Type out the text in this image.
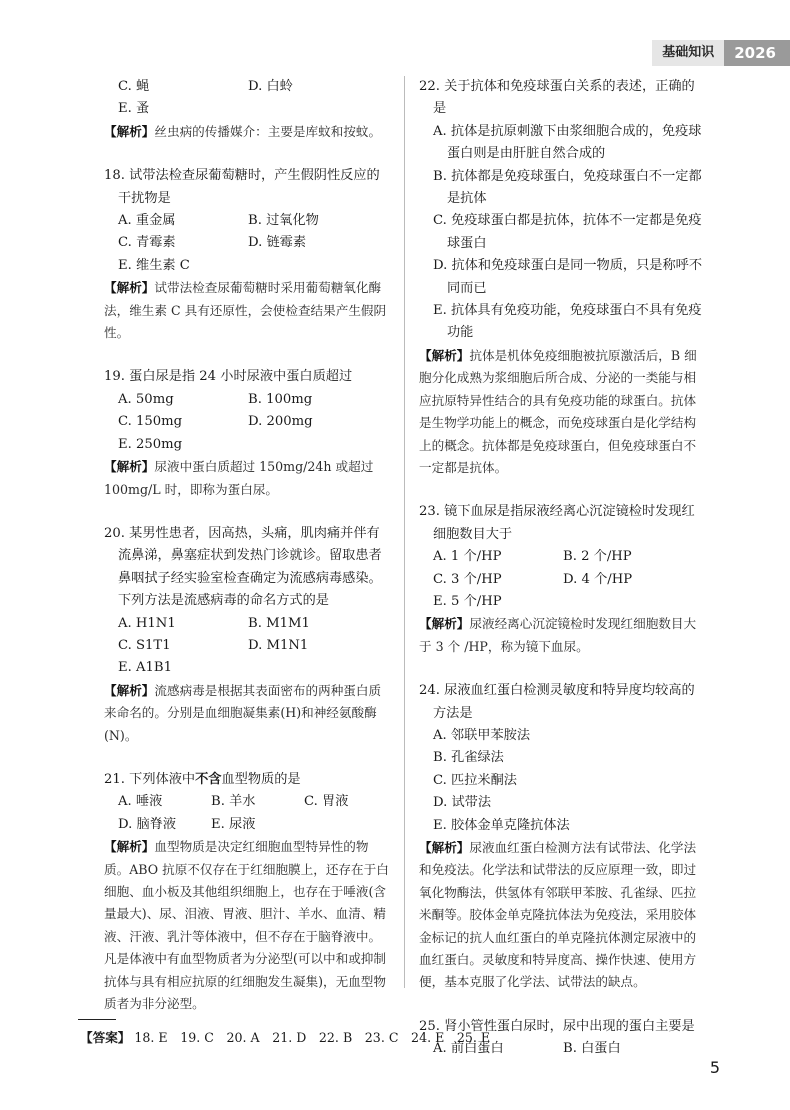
基础知识	2026
C. 蝇	D. 白蛉
E. 蚤
【解析】丝虫病的传播媒介：主要是库蚊和按蚊。
18. 试带法检查尿葡萄糖时，产生假阴性反应的干扰物是
A. 重金属	B. 过氧化物
C. 青霉素	D. 链霉素
E. 维生素 C
【解析】试带法检查尿葡萄糖时采用葡萄糖氧化酶法，维生素 C 具有还原性，会使检查结果产生假阴性。
19. 蛋白尿是指 24 小时尿液中蛋白质超过
A. 50mg	B. 100mg
C. 150mg	D. 200mg
E. 250mg
【解析】尿液中蛋白质超过 150mg/24h 或超过 100mg/L 时，即称为蛋白尿。
20. 某男性患者，因高热，头痛，肌肉痛并伴有流鼻涕，鼻塞症状到发热门诊就诊。留取患者鼻咽拭子经实验室检查确定为流感病毒感染。下列方法是流感病毒的命名方式的是
A. H1N1	B. M1M1
C. S1T1	D. M1N1
E. A1B1
【解析】流感病毒是根据其表面密布的两种蛋白质来命名的。分别是血细胞凝集素(H)和神经氨酸酶(N)。
21. 下列体液中不含血型物质的是
A. 唾液	B. 羊水	C. 胃液
D. 脑脊液	E. 尿液
【解析】血型物质是决定红细胞血型特异性的物质。ABO 抗原不仅存在于红细胞膜上，还存在于白细胞、血小板及其他组织细胞上，也存在于唾液(含量最大)、尿、泪液、胃液、胆汁、羊水、血清、精液、汗液、乳汁等体液中，但不存在于脑脊液中。凡是体液中有血型物质者为分泌型(可以中和或抑制抗体与具有相应抗原的红细胞发生凝集)，无血型物质者为非分泌型。
22. 关于抗体和免疫球蛋白关系的表述，正确的是
A. 抗体是抗原刺激下由浆细胞合成的，免疫球蛋白则是由肝脏自然合成的
B. 抗体都是免疫球蛋白，免疫球蛋白不一定都是抗体
C. 免疫球蛋白都是抗体，抗体不一定都是免疫球蛋白
D. 抗体和免疫球蛋白是同一物质，只是称呼不同而已
E. 抗体具有免疫功能，免疫球蛋白不具有免疫功能
【解析】抗体是机体免疫细胞被抗原激活后，B 细胞分化成熟为浆细胞后所合成、分泌的一类能与相应抗原特异性结合的具有免疫功能的球蛋白。抗体是生物学功能上的概念，而免疫球蛋白是化学结构上的概念。抗体都是免疫球蛋白，但免疫球蛋白不一定都是抗体。
23. 镜下血尿是指尿液经离心沉淀镜检时发现红细胞数目大于
A. 1 个/HP	B. 2 个/HP
C. 3 个/HP	D. 4 个/HP
E. 5 个/HP
【解析】尿液经离心沉淀镜检时发现红细胞数目大于 3 个 /HP，称为镜下血尿。
24. 尿液血红蛋白检测灵敏度和特异度均较高的方法是
A. 邻联甲苯胺法
B. 孔雀绿法
C. 匹拉米酮法
D. 试带法
E. 胶体金单克隆抗体法
【解析】尿液血红蛋白检测方法有试带法、化学法和免疫法。化学法和试带法的反应原理一致，即过氧化物酶法，供氢体有邻联甲苯胺、孔雀绿、匹拉米酮等。胶体金单克隆抗体法为免疫法，采用胶体金标记的抗人血红蛋白的单克隆抗体测定尿液中的血红蛋白。灵敏度和特异度高、操作快速、使用方便，基本克服了化学法、试带法的缺点。
25. 肾小管性蛋白尿时，尿中出现的蛋白主要是
A. 前白蛋白	B. 白蛋白
【答案】 18. E　19. C　20. A　21. D　22. B　23. C　24. E　25. E
5
